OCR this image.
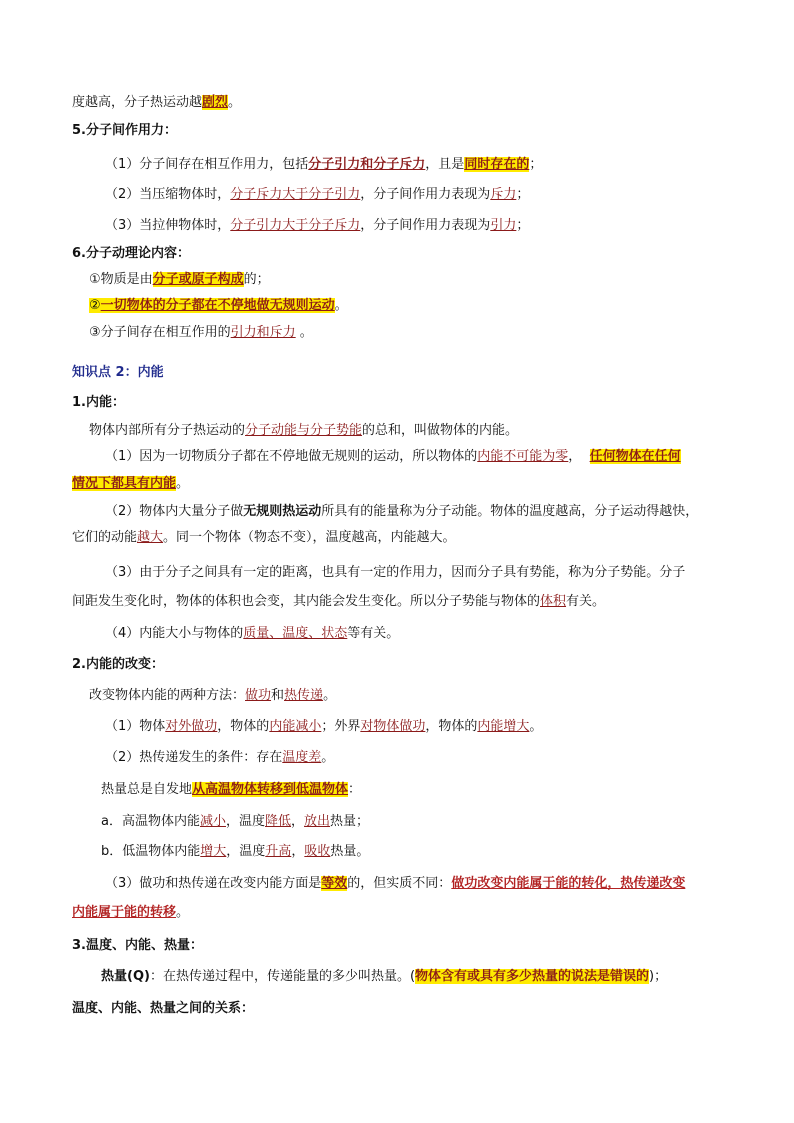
度越高，分子热运动越剧烈。
5.分子间作用力：
（1）分子间存在相互作用力，包括分子引力和分子斥力，且是同时存在的；
（2）当压缩物体时，分子斥力大于分子引力，分子间作用力表现为斥力；
（3）当拉伸物体时，分子引力大于分子斥力，分子间作用力表现为引力；
6.分子动理论内容：
①物质是由分子或原子构成的；
②一切物体的分子都在不停地做无规则运动。
③分子间存在相互作用的引力和斥力 。
知识点 2：内能
1.内能：
物体内部所有分子热运动的分子动能与分子势能的总和，叫做物体的内能。
（1）因为一切物质分子都在不停地做无规则的运动，所以物体的内能不可能为零， 任何物体在任何
情况下都具有内能。
（2）物体内大量分子做无规则热运动所具有的能量称为分子动能。物体的温度越高，分子运动得越快，
它们的动能越大。同一个物体（物态不变），温度越高，内能越大。
（3）由于分子之间具有一定的距离，也具有一定的作用力，因而分子具有势能，称为分子势能。分子
间距发生变化时，物体的体积也会变，其内能会发生变化。所以分子势能与物体的体积有关。
（4）内能大小与物体的质量、温度、状态等有关。
2.内能的改变：
改变物体内能的两种方法：做功和热传递。
（1）物体对外做功，物体的内能减小；外界对物体做功，物体的内能增大。
（2）热传递发生的条件：存在温度差。
热量总是自发地从高温物体转移到低温物体：
a．高温物体内能减小，温度降低，放出热量；
b．低温物体内能增大，温度升高，吸收热量。
（3）做功和热传递在改变内能方面是等效的，但实质不同：做功改变内能属于能的转化，热传递改变
内能属于能的转移。
3.温度、内能、热量：
热量(Q)：在热传递过程中，传递能量的多少叫热量。(物体含有或具有多少热量的说法是错误的)；
温度、内能、热量之间的关系：
